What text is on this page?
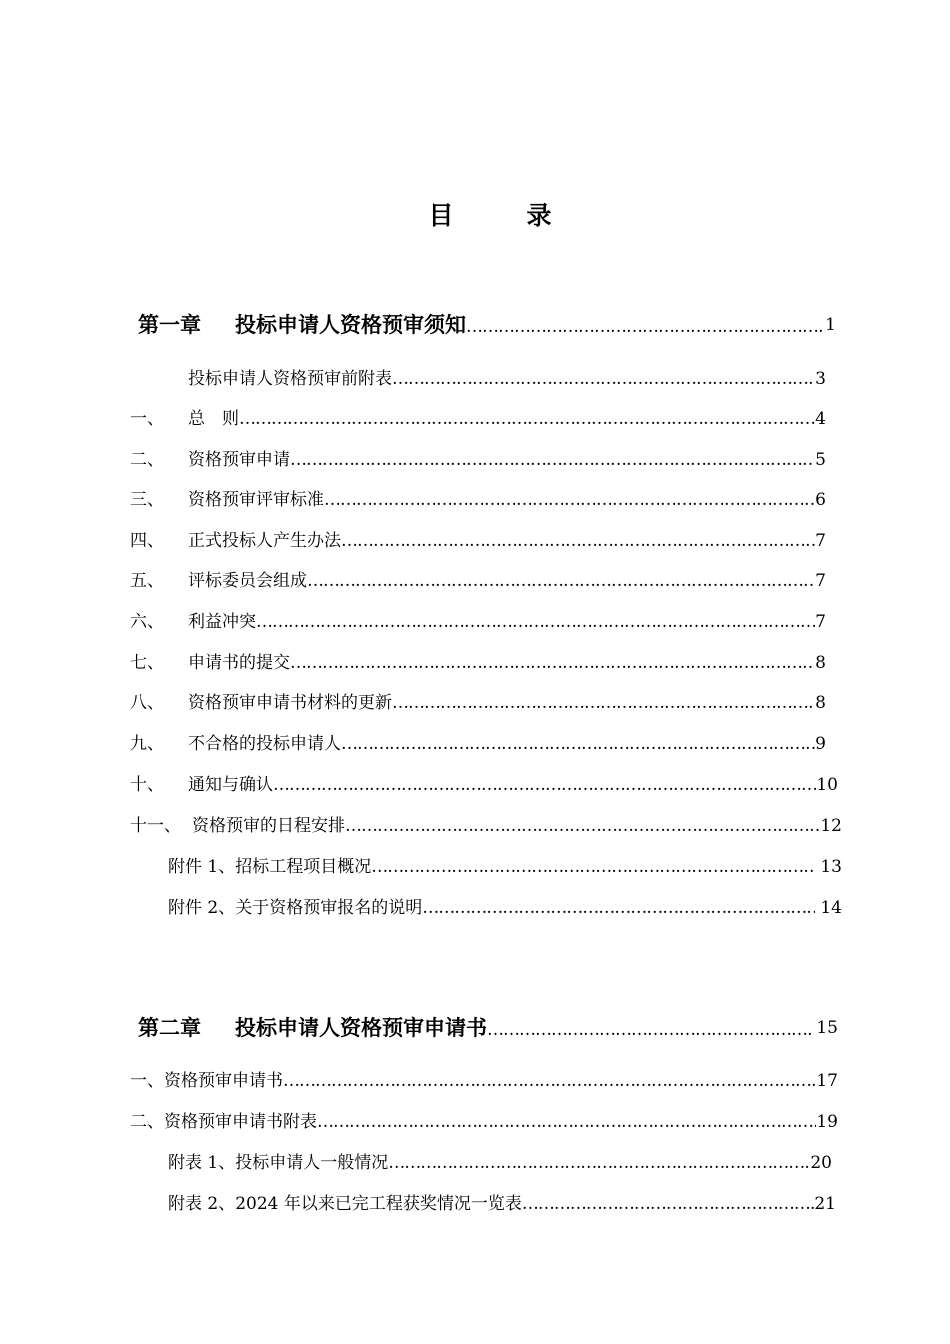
目　录
第一章	投标申请人资格预审须知 ……………………………………………………………………………………………………………………………………………………………………………………………………………………………………	1
投标申请人资格预审前附表 ……………………………………………………………………………………………………………………………………………………………………………………………………………………………………	3
一、	总　则 ……………………………………………………………………………………………………………………………………………………………………………………………………………………………………	4
二、	资格预审申请 ……………………………………………………………………………………………………………………………………………………………………………………………………………………………………	5
三、	资格预审评审标准 ……………………………………………………………………………………………………………………………………………………………………………………………………………………………………	6
四、	正式投标人产生办法 ……………………………………………………………………………………………………………………………………………………………………………………………………………………………………	7
五、	评标委员会组成 ……………………………………………………………………………………………………………………………………………………………………………………………………………………………………	7
六、	利益冲突 ……………………………………………………………………………………………………………………………………………………………………………………………………………………………………	7
七、	申请书的提交 ……………………………………………………………………………………………………………………………………………………………………………………………………………………………………	8
八、	资格预审申请书材料的更新 ……………………………………………………………………………………………………………………………………………………………………………………………………………………………………	8
九、	不合格的投标申请人 ……………………………………………………………………………………………………………………………………………………………………………………………………………………………………	9
十、	通知与确认 ……………………………………………………………………………………………………………………………………………………………………………………………………………………………………	10
十一、 资格预审的日程安排 ……………………………………………………………………………………………………………………………………………………………………………………………………………………………………	12
附件 1、招标工程项目概况 ……………………………………………………………………………………………………………………………………………………………………………………………………………………………………	13
附件 2、关于资格预审报名的说明 ……………………………………………………………………………………………………………………………………………………………………………………………………………………………………	14
第二章	投标申请人资格预审申请书 ……………………………………………………………………………………………………………………………………………………………………………………………………………………………………	15
一、资格预审申请书 ……………………………………………………………………………………………………………………………………………………………………………………………………………………………………	17
二、资格预审申请书附表 ……………………………………………………………………………………………………………………………………………………………………………………………………………………………………	19
附表 1、投标申请人一般情况 ……………………………………………………………………………………………………………………………………………………………………………………………………………………………………	20
附表 2、2024 年以来已完工程获奖情况一览表 ……………………………………………………………………………………………………………………………………………………………………………………………………………………………………	21
